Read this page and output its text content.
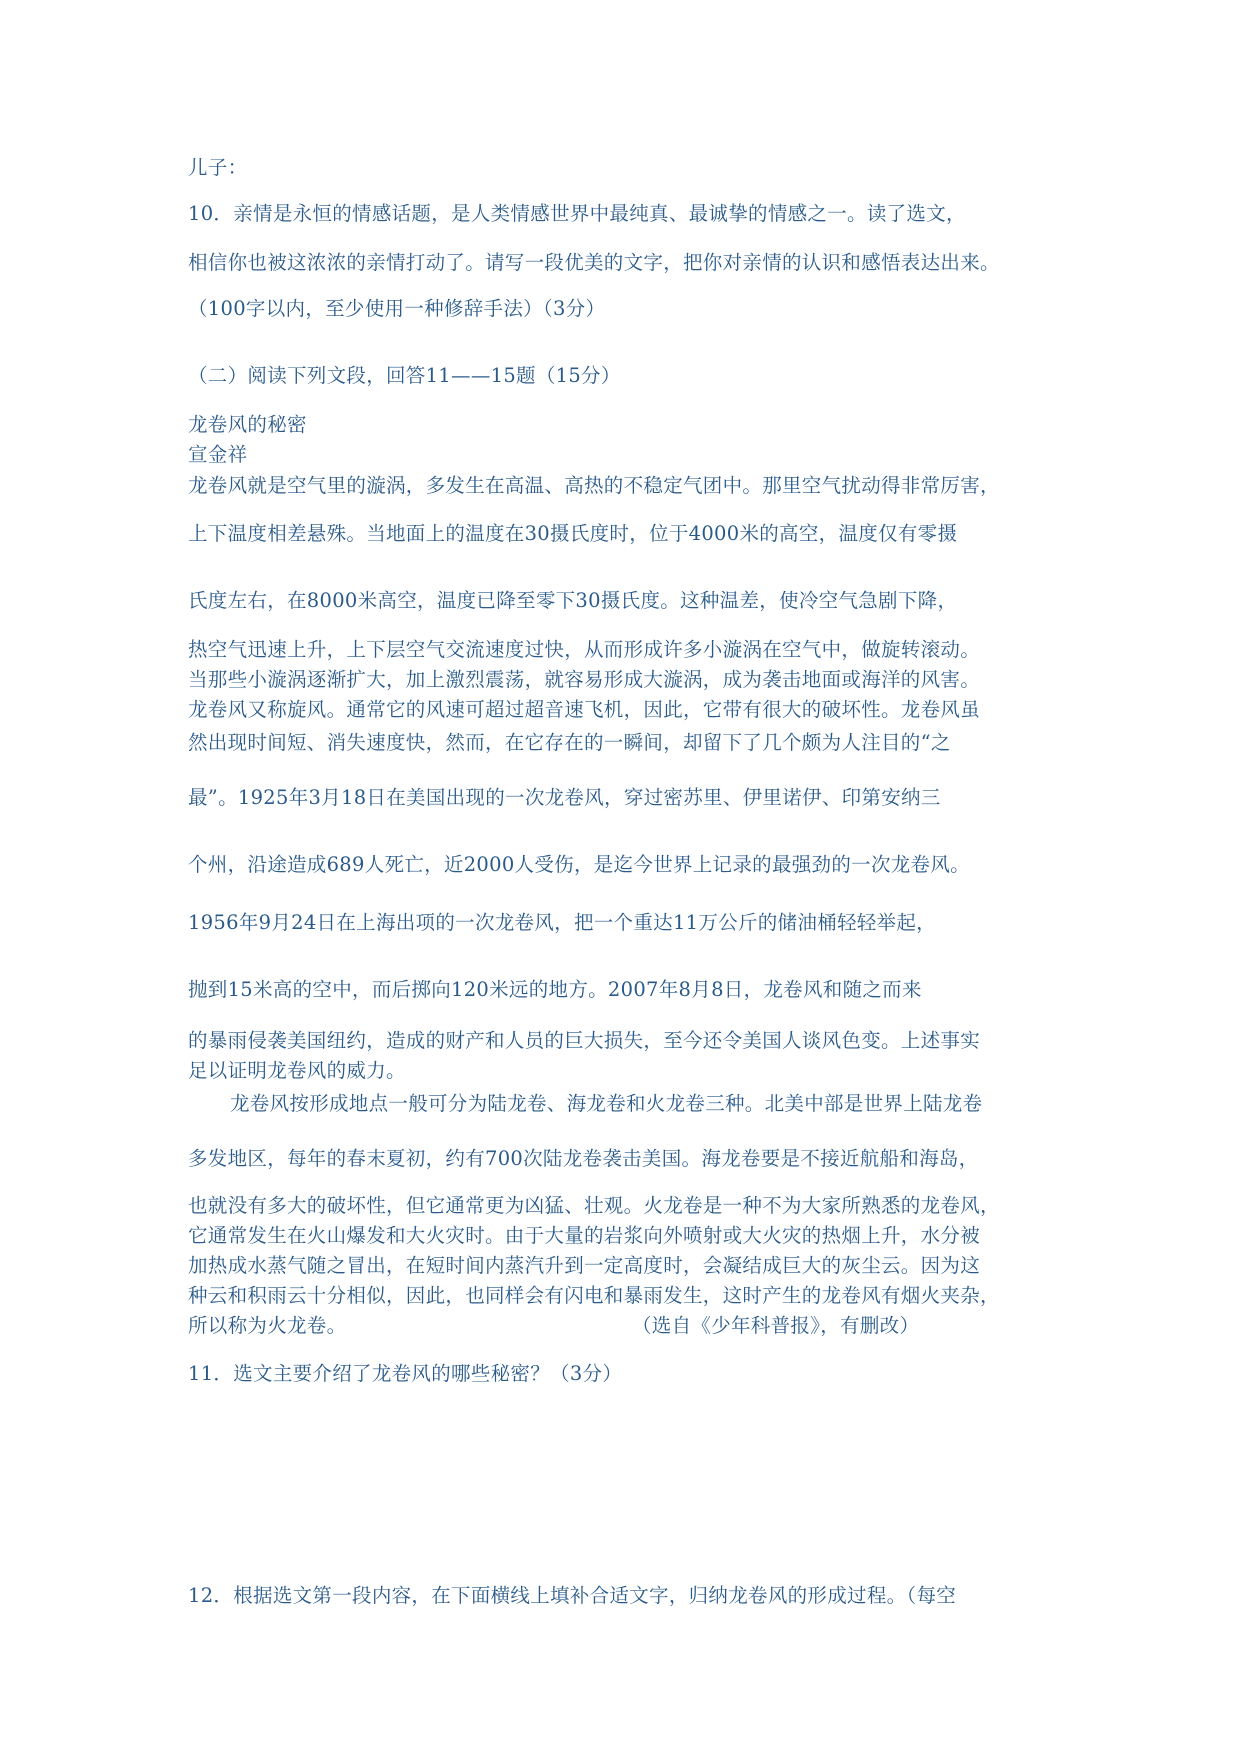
儿子：
10．亲情是永恒的情感话题，是人类情感世界中最纯真、最诚挚的情感之一。读了选文，
相信你也被这浓浓的亲情打动了。请写一段优美的文字，把你对亲情的认识和感悟表达出来。
（100字以内，至少使用一种修辞手法）（3分）
（二）阅读下列文段，回答11——15题（15分）
龙卷风的秘密
宣金祥
龙卷风就是空气里的漩涡，多发生在高温、高热的不稳定气团中。那里空气扰动得非常厉害，
上下温度相差悬殊。当地面上的温度在30摄氏度时，位于4000米的高空，温度仅有零摄
氏度左右，在8000米高空，温度已降至零下30摄氏度。这种温差，使冷空气急剧下降，
热空气迅速上升，上下层空气交流速度过快，从而形成许多小漩涡在空气中，做旋转滚动。
当那些小漩涡逐渐扩大，加上激烈震荡，就容易形成大漩涡，成为袭击地面或海洋的风害。
龙卷风又称旋风。通常它的风速可超过超音速飞机，因此，它带有很大的破坏性。龙卷风虽
然出现时间短、消失速度快，然而，在它存在的一瞬间，却留下了几个颇为人注目的“之
最”。1925年3月18日在美国出现的一次龙卷风，穿过密苏里、伊里诺伊、印第安纳三
个州，沿途造成689人死亡，近2000人受伤，是迄今世界上记录的最强劲的一次龙卷风。
1956年9月24日在上海出项的一次龙卷风，把一个重达11万公斤的储油桶轻轻举起，
抛到15米高的空中，而后掷向120米远的地方。2007年8月8日，龙卷风和随之而来
的暴雨侵袭美国纽约，造成的财产和人员的巨大损失，至今还令美国人谈风色变。上述事实
足以证明龙卷风的威力。
龙卷风按形成地点一般可分为陆龙卷、海龙卷和火龙卷三种。北美中部是世界上陆龙卷
多发地区，每年的春末夏初，约有700次陆龙卷袭击美国。海龙卷要是不接近航船和海岛，
也就没有多大的破坏性，但它通常更为凶猛、壮观。火龙卷是一种不为大家所熟悉的龙卷风，
它通常发生在火山爆发和大火灾时。由于大量的岩浆向外喷射或大火灾的热烟上升，水分被
加热成水蒸气随之冒出，在短时间内蒸汽升到一定高度时，会凝结成巨大的灰尘云。因为这
种云和积雨云十分相似，因此，也同样会有闪电和暴雨发生，这时产生的龙卷风有烟火夹杂，
所以称为火龙卷。	（选自《少年科普报》，有删改）
11．选文主要介绍了龙卷风的哪些秘密？（3分）
12．根据选文第一段内容，在下面横线上填补合适文字，归纳龙卷风的形成过程。（每空
